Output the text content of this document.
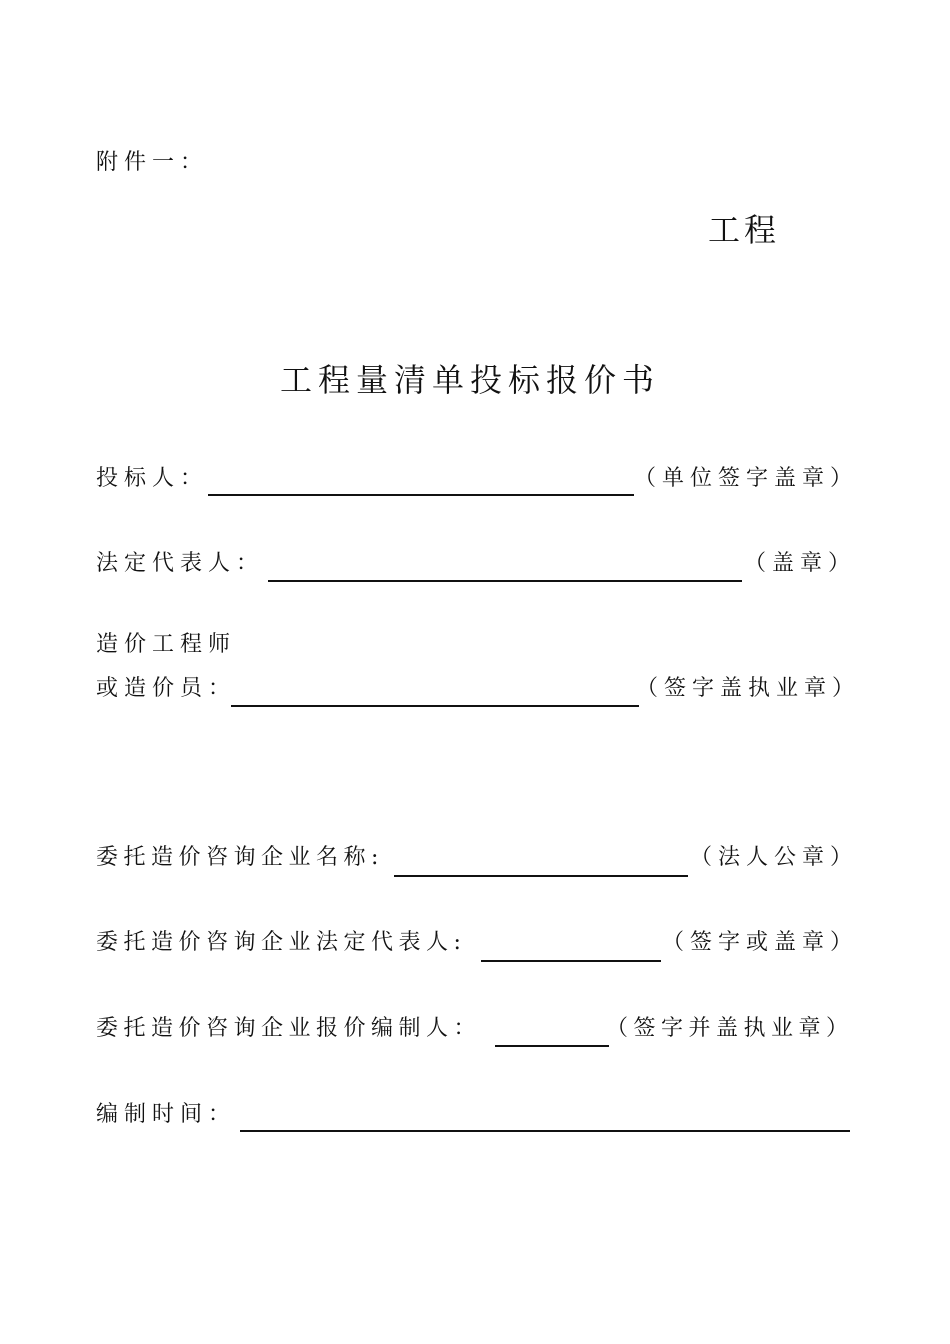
附件一：
工程
工程量清单投标报价书
投标人：	（单位签字盖章）
法定代表人：	（盖章）
造价工程师
或造价员：	（签字盖执业章）
委托造价咨询企业名称:	（法人公章）
委托造价咨询企业法定代表人:	（签字或盖章）
委托造价咨询企业报价编制人：	（签字并盖执业章）
编制时间：
